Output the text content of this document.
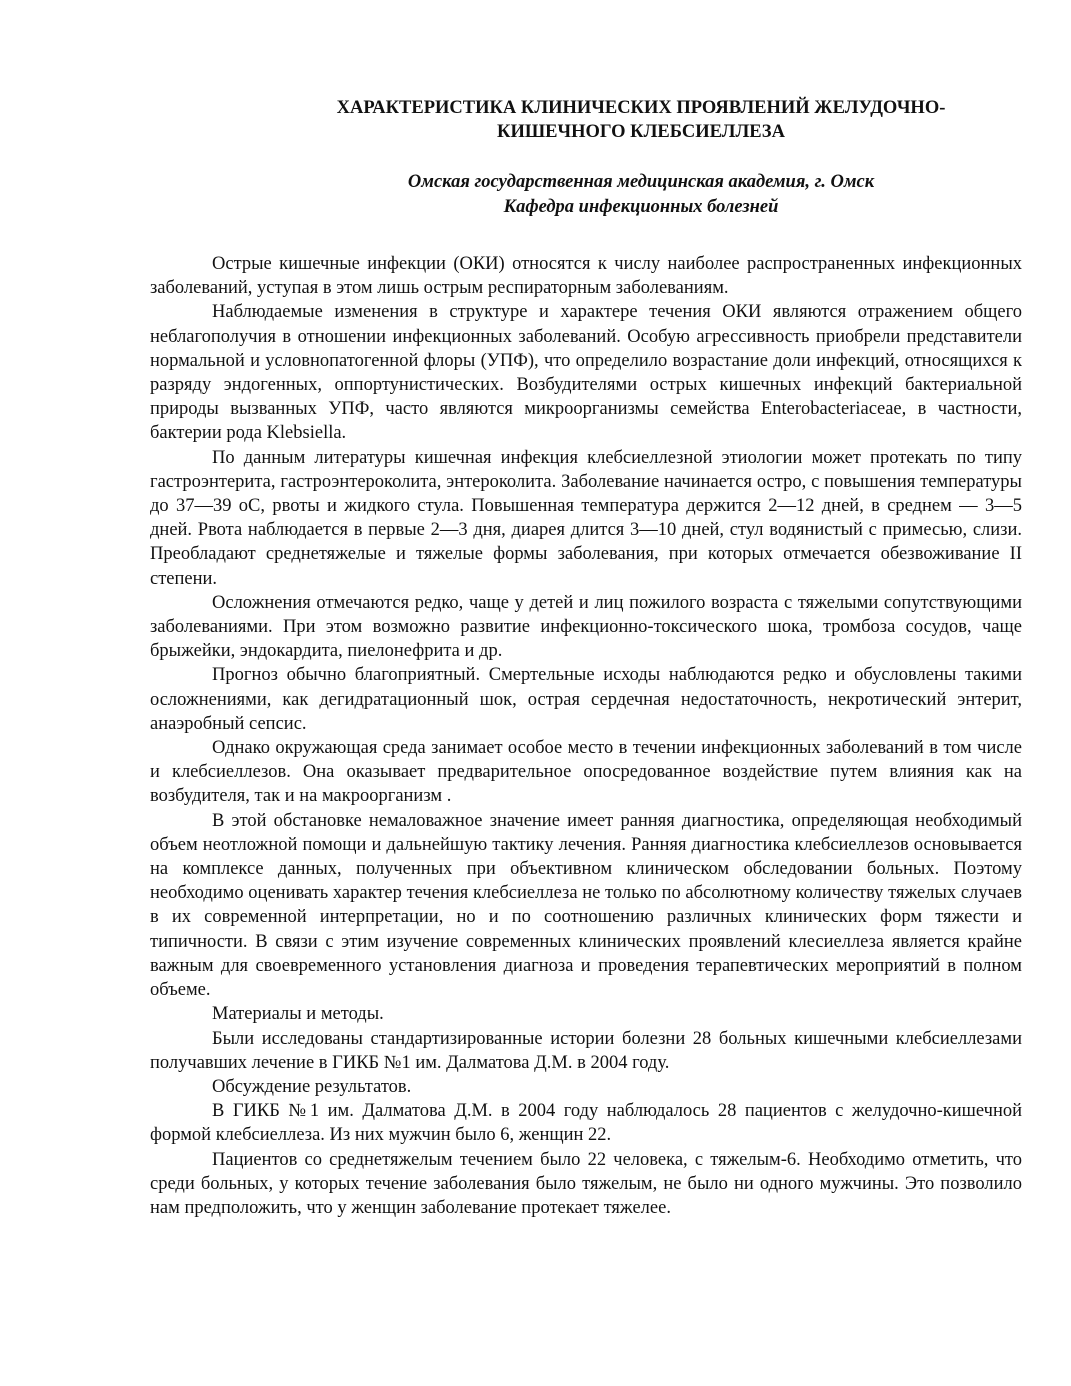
ХАРАКТЕРИСТИКА КЛИНИЧЕСКИХ ПРОЯВЛЕНИЙ ЖЕЛУДОЧНО-
КИШЕЧНОГО КЛЕБСИЕЛЛЕЗА
Омская государственная медицинская академия, г. Омск
Кафедра инфекционных болезней

Острые кишечные инфекции (ОКИ) относятся к числу наиболее распространенных инфекционных заболеваний, уступая в этом лишь острым респираторным заболеваниям.

Наблюдаемые изменения в структуре и характере течения ОКИ являются отражением общего неблагополучия в отношении инфекционных заболеваний. Особую агрессивность приобрели представители нормальной и условнопатогенной флоры (УПФ), что определило возрастание доли инфекций, относящихся к разряду эндогенных, оппортунистических. Возбудителями острых кишечных инфекций бактериальной природы вызванных УПФ, часто являются микроорганизмы семейства Enterobacteriaceae, в частности, бактерии рода Klebsiella.

По данным литературы кишечная инфекция клебсиеллезной этиологии может протекать по типу гастроэнтерита, гастроэнтероколита, энтероколита. Заболевание начинается остро, с повышения температуры до 37—39 оС, рвоты и жидкого стула. Повышенная температура держится 2—12 дней, в среднем — 3—5 дней. Рвота наблюдается в первые 2—3 дня, диарея длится 3—10 дней, стул водянистый с примесью, слизи. Преобладают среднетяжелые и тяжелые формы заболевания, при которых отмечается обезвоживание II степени.

Осложнения отмечаются редко, чаще у детей и лиц пожилого возраста с тяжелыми сопутствующими заболеваниями. При этом возможно развитие инфекционно-токсического шока, тромбоза сосудов, чаще брыжейки, эндокардита, пиелонефрита и др.

Прогноз обычно благоприятный. Смертельные исходы наблюдаются редко и обусловлены такими осложнениями, как дегидратационный шок, острая сердечная недостаточность, некротический энтерит, анаэробный сепсис.

Однако окружающая среда занимает особое место в течении инфекционных заболеваний в том числе и клебсиеллезов. Она оказывает предварительное опосредованное воздействие путем влияния как на возбудителя, так и на макроорганизм .

В этой обстановке немаловажное значение имеет ранняя диагностика, определяющая необходимый объем неотложной помощи и дальнейшую тактику лечения. Ранняя диагностика клебсиеллезов основывается на комплексе данных, полученных при объективном клиническом обследовании больных. Поэтому необходимо оценивать характер течения клебсиеллеза не только по абсолютному количеству тяжелых случаев в их современной интерпретации, но и по соотношению различных клинических форм тяжести и типичности. В связи с этим изучение современных клинических проявлений клесиеллеза является крайне важным для своевременного установления диагноза и проведения терапевтических мероприятий в полном объеме.

Материалы и методы.

Были исследованы стандартизированные истории болезни 28 больных кишечными клебсиеллезами получавших лечение в ГИКБ №1 им. Далматова Д.М. в 2004 году.

Обсуждение результатов.

В ГИКБ №1 им. Далматова Д.М. в 2004 году наблюдалось 28 пациентов с желудочно-кишечной формой клебсиеллеза. Из них мужчин было 6, женщин 22.

Пациентов со среднетяжелым течением было 22 человека, с тяжелым-6. Необходимо отметить, что среди больных, у которых течение заболевания было тяжелым, не было ни одного мужчины. Это позволило нам предположить, что у женщин заболевание протекает тяжелее.
